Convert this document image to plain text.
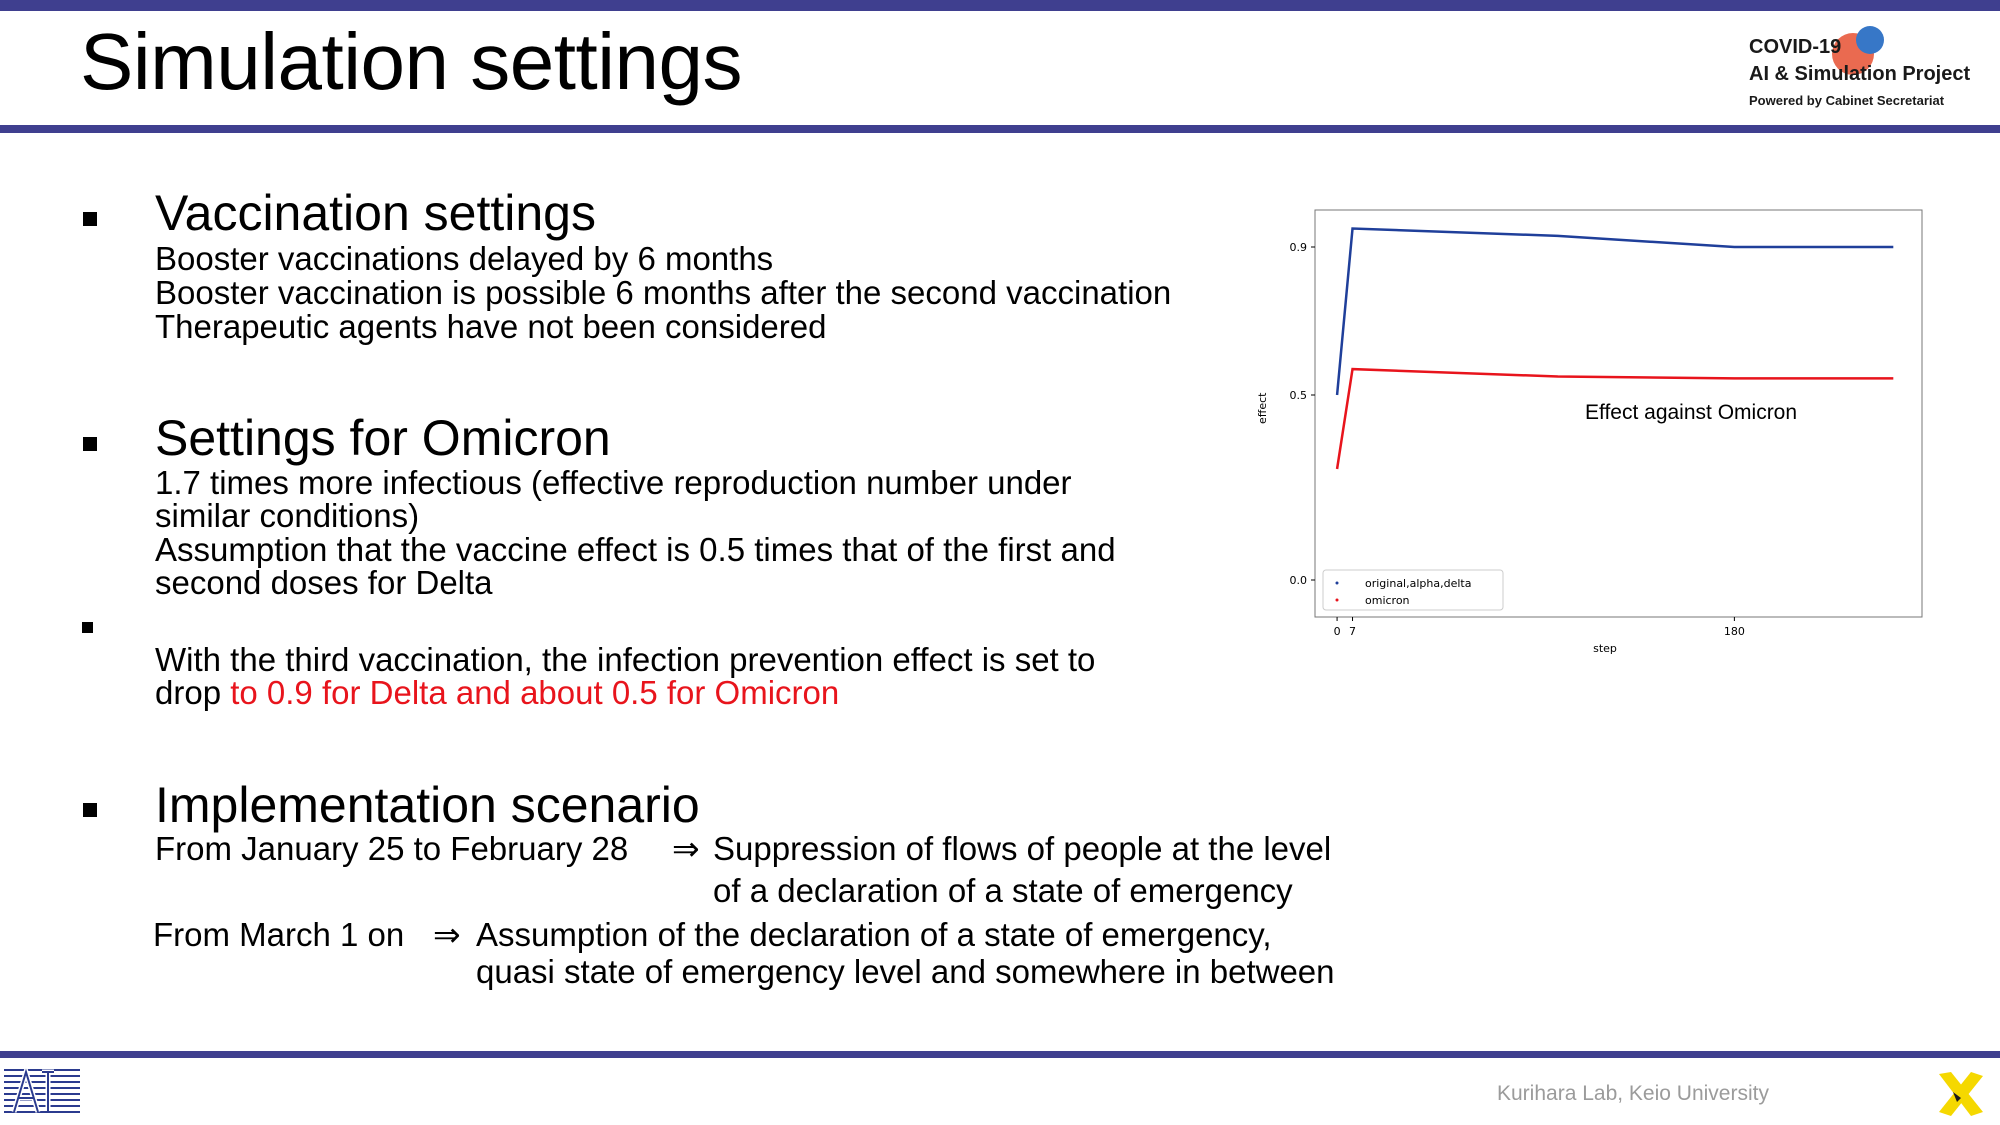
Simulation settings	COVID-19
AI & Simulation Project
Powered by Cabinet Secretariat
Vaccination settings
Booster vaccinations delayed by 6 months
Booster vaccination is possible 6 months after the second vaccination
Therapeutic agents have not been considered
Settings for Omicron
1.7 times more infectious (effective reproduction number under
similar conditions)
Assumption that the vaccine effect is 0.5 times that of the first and
second doses for Delta
With the third vaccination, the infection prevention effect is set to
drop to 0.9 for Delta and about 0.5 for Omicron
Implementation scenario
From January 25 to February 28 ⇒ Suppression of flows of people at the level
of a declaration of a state of emergency
From March 1 on ⇒ Assumption of the declaration of a state of emergency,
quasi state of emergency level and somewhere in between
0.0
0.5
0.9
0 7	180
effect
step
Effect against Omicron
original,alpha,delta
omicron
Kurihara Lab, Keio University
